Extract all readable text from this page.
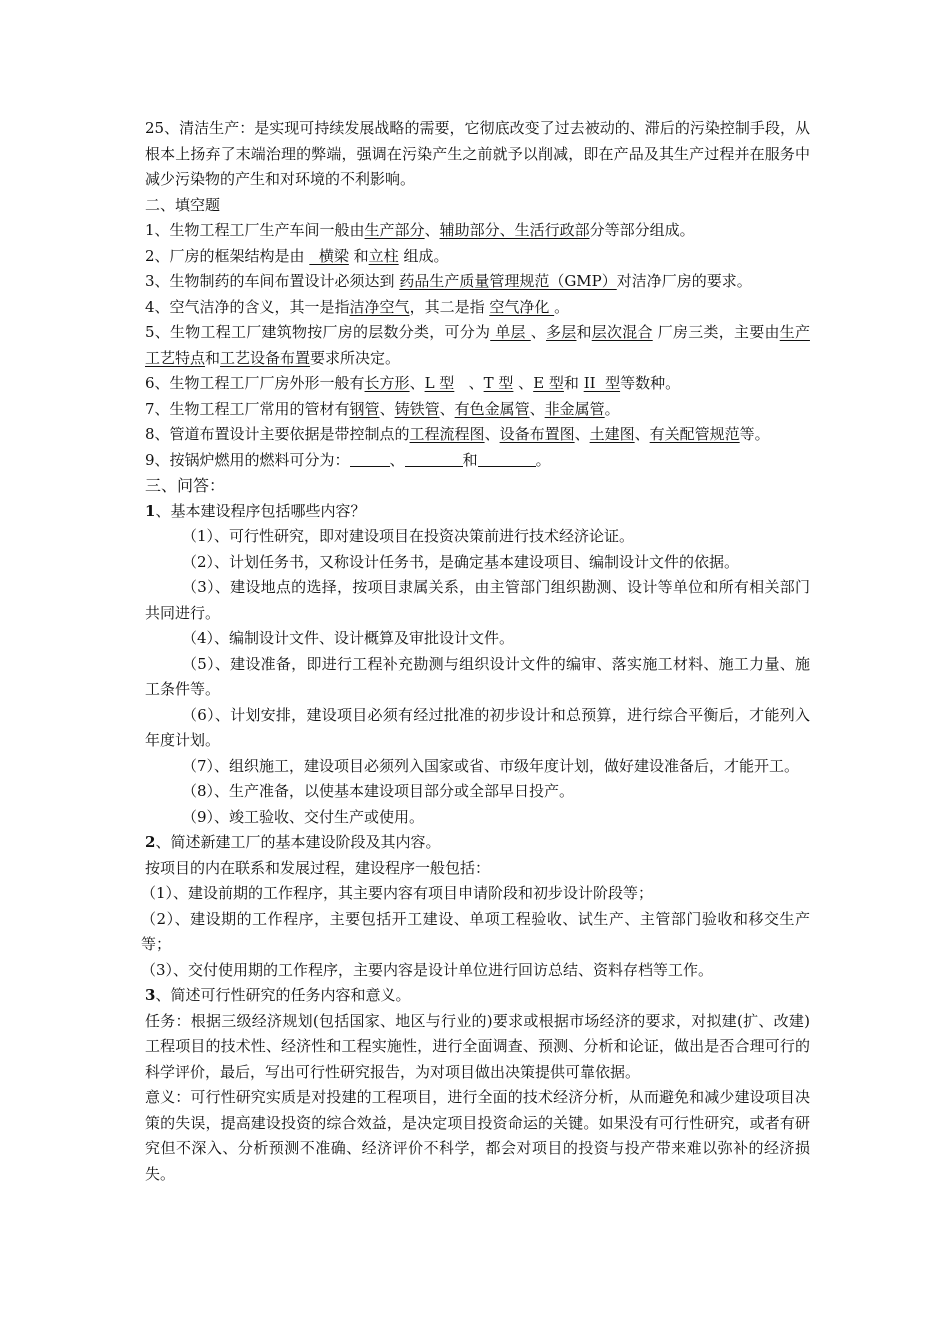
25、清洁生产：是实现可持续发展战略的需要，它彻底改变了过去被动的、滞后的污染控制手段，从根本上扬弃了末端治理的弊端，强调在污染产生之前就予以削减，即在产品及其生产过程并在服务中减少污染物的产生和对环境的不利影响。

二、填空题

1、生物工程工厂生产车间一般由生产部分、辅助部分、生活行政部分等部分组成。

2、厂房的框架结构是由   横梁 和立柱 组成。

3、生物制药的车间布置设计必须达到 药品生产质量管理规范（GMP）对洁净厂房的要求。

4、空气洁净的含义，其一是指洁净空气，其二是指 空气净化 。

5、生物工程工厂建筑物按厂房的层数分类，可分为 单层 、多层和层次混合 厂房三类，主要由生产工艺特点和工艺设备布置要求所决定。

6、生物工程工厂厂房外形一般有长方形、L 型   、T 型 、E 型和 II  型等数种。

7、生物工程工厂常用的管材有钢管、铸铁管、有色金属管、非金属管。

8、管道布置设计主要依据是带控制点的工程流程图、设备布置图、土建图、有关配管规范等。

9、按锅炉燃用的燃料可分为：	、	和	。

三、问答：

1、基本建设程序包括哪些内容？

（1）、可行性研究，即对建设项目在投资决策前进行技术经济论证。

（2）、计划任务书，又称设计任务书，是确定基本建设项目、编制设计文件的依据。

（3）、建设地点的选择，按项目隶属关系，由主管部门组织勘测、设计等单位和所有相关部门共同进行。

（4）、编制设计文件、设计概算及审批设计文件。

（5）、建设准备，即进行工程补充勘测与组织设计文件的编审、落实施工材料、施工力量、施工条件等。

（6）、计划安排，建设项目必须有经过批准的初步设计和总预算，进行综合平衡后，才能列入年度计划。

（7）、组织施工，建设项目必须列入国家或省、市级年度计划，做好建设准备后，才能开工。

（8）、生产准备，以使基本建设项目部分或全部早日投产。

（9）、竣工验收、交付生产或使用。

2、简述新建工厂的基本建设阶段及其内容。

按项目的内在联系和发展过程，建设程序一般包括：

（1）、建设前期的工作程序，其主要内容有项目申请阶段和初步设计阶段等；

（2）、建设期的工作程序，主要包括开工建设、单项工程验收、试生产、主管部门验收和移交生产等；

（3）、交付使用期的工作程序，主要内容是设计单位进行回访总结、资料存档等工作。

3、简述可行性研究的任务内容和意义。

任务：根据三级经济规划(包括国家、地区与行业的)要求或根据市场经济的要求，对拟建(扩、改建)工程项目的技术性、经济性和工程实施性，进行全面调查、预测、分析和论证，做出是否合理可行的科学评价，最后，写出可行性研究报告，为对项目做出决策提供可靠依据。

意义：可行性研究实质是对投建的工程项目，进行全面的技术经济分析，从而避免和减少建设项目决策的失误，提高建设投资的综合效益，是决定项目投资命运的关键。如果没有可行性研究，或者有研究但不深入、分析预测不准确、经济评价不科学，都会对项目的投资与投产带来难以弥补的经济损失。
